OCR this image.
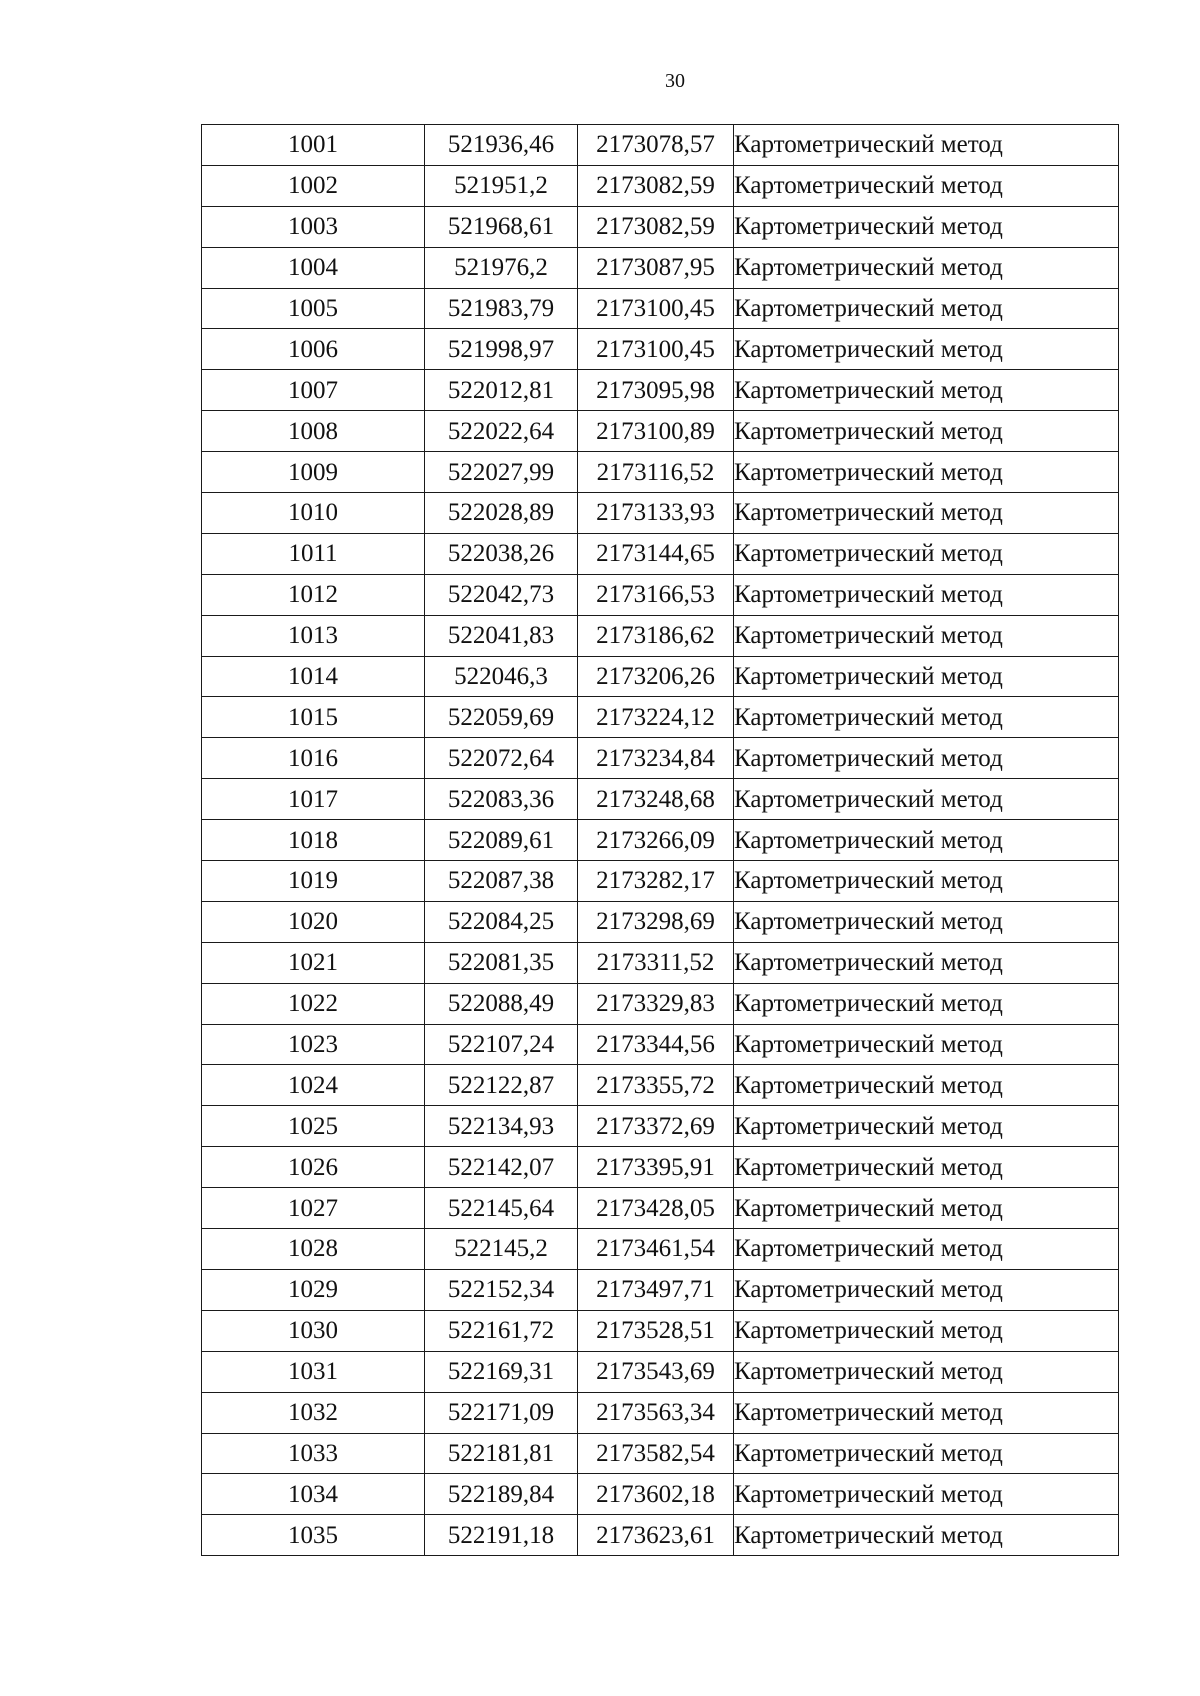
30
1001	521936,46	2173078,57	Картометрический метод
1002	521951,2	2173082,59	Картометрический метод
1003	521968,61	2173082,59	Картометрический метод
1004	521976,2	2173087,95	Картометрический метод
1005	521983,79	2173100,45	Картометрический метод
1006	521998,97	2173100,45	Картометрический метод
1007	522012,81	2173095,98	Картометрический метод
1008	522022,64	2173100,89	Картометрический метод
1009	522027,99	2173116,52	Картометрический метод
1010	522028,89	2173133,93	Картометрический метод
1011	522038,26	2173144,65	Картометрический метод
1012	522042,73	2173166,53	Картометрический метод
1013	522041,83	2173186,62	Картометрический метод
1014	522046,3	2173206,26	Картометрический метод
1015	522059,69	2173224,12	Картометрический метод
1016	522072,64	2173234,84	Картометрический метод
1017	522083,36	2173248,68	Картометрический метод
1018	522089,61	2173266,09	Картометрический метод
1019	522087,38	2173282,17	Картометрический метод
1020	522084,25	2173298,69	Картометрический метод
1021	522081,35	2173311,52	Картометрический метод
1022	522088,49	2173329,83	Картометрический метод
1023	522107,24	2173344,56	Картометрический метод
1024	522122,87	2173355,72	Картометрический метод
1025	522134,93	2173372,69	Картометрический метод
1026	522142,07	2173395,91	Картометрический метод
1027	522145,64	2173428,05	Картометрический метод
1028	522145,2	2173461,54	Картометрический метод
1029	522152,34	2173497,71	Картометрический метод
1030	522161,72	2173528,51	Картометрический метод
1031	522169,31	2173543,69	Картометрический метод
1032	522171,09	2173563,34	Картометрический метод
1033	522181,81	2173582,54	Картометрический метод
1034	522189,84	2173602,18	Картометрический метод
1035	522191,18	2173623,61	Картометрический метод
